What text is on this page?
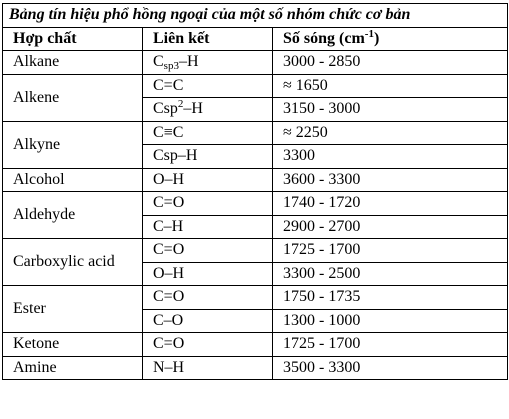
Bảng tín hiệu phổ hồng ngoại của một số nhóm chức cơ bản		
Hợp chất	Liên kết	Số sóng $(cm^{-1})$
Alkane	$C_{sp3}-H$	3000 - 2850
Alkene	C=C	≈ 1650
	Csp$^2$–H	3150 - 3000
Alkyne	C≡C	≈ 2250
	Csp–H	3300
Alcohol	O–H	3600 - 3300
Aldehyde	C=O	1740 - 1720
	C–H	2900 - 2700
Carboxylic acid	C=O	1725 - 1700
	O–H	3300 - 2500
Ester	C=O	1750 - 1735
	C–O	1300 - 1000
Ketone	C=O	1725 - 1700
Amine	N–H	3500 - 3300
